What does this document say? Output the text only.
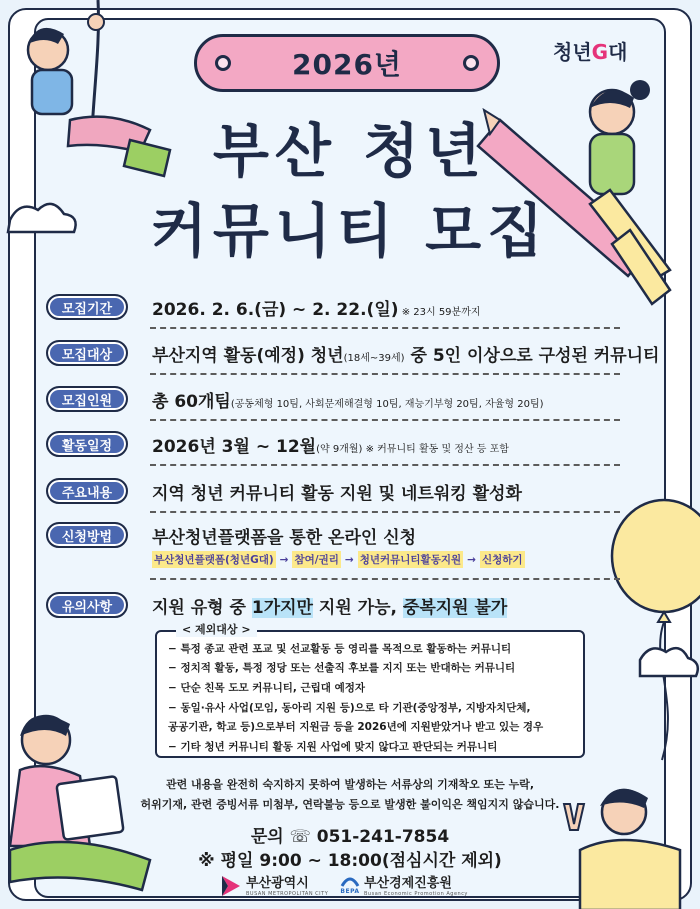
2026년	청년G대
부산 청년
커뮤니티 모집
모집기간	2026. 2. 6.(금) ~ 2. 22.(일) ※ 23시 59분까지
모집대상	부산지역 활동(예정) 청년(18세~39세) 중 5인 이상으로 구성된 커뮤니티
모집인원	총 60개팀(공동체형 10팀, 사회문제해결형 10팀, 재능기부형 20팀, 자율형 20팀)
활동일정	2026년 3월 ~ 12월(약 9개월) ※ 커뮤니티 활동 및 정산 등 포함
주요내용	지역 청년 커뮤니티 활동 지원 및 네트워킹 활성화
신청방법	부산청년플랫폼을 통한 온라인 신청
부산청년플랫폼(청년G대) → 참여/권리 → 청년커뮤니티활동지원 → 신청하기
유의사항	지원 유형 중 1가지만 지원 가능, 중복지원 불가
< 제외대상 >
− 특정 종교 관련 포교 및 선교활동 등 영리를 목적으로 활동하는 커뮤니티
− 정치적 활동, 특정 정당 또는 선출직 후보를 지지 또는 반대하는 커뮤니티
− 단순 친목 도모 커뮤니티, 근립대 예정자
− 동일·유사 사업(모임, 동아리 지원 등)으로 타 기관(중앙정부, 지방자치단체,
공공기관, 학교 등)으로부터 지원금 등을 2026년에 지원받았거나 받고 있는 경우
− 기타 청년 커뮤니티 활동 지원 사업에 맞지 않다고 판단되는 커뮤니티
관련 내용을 완전히 숙지하지 못하여 발생하는 서류상의 기재착오 또는 누락,
허위기재, 관련 증빙서류 미첨부, 연락불능 등으로 발생한 불이익은 책임지지 않습니다.
문의 ☏ 051-241-7854
※ 평일 9:00 ~ 18:00(점심시간 제외)
부산광역시
BUSAN METROPOLITAN CITY BEPA
부산경제진흥원
Busan Economic Promotion Agency
